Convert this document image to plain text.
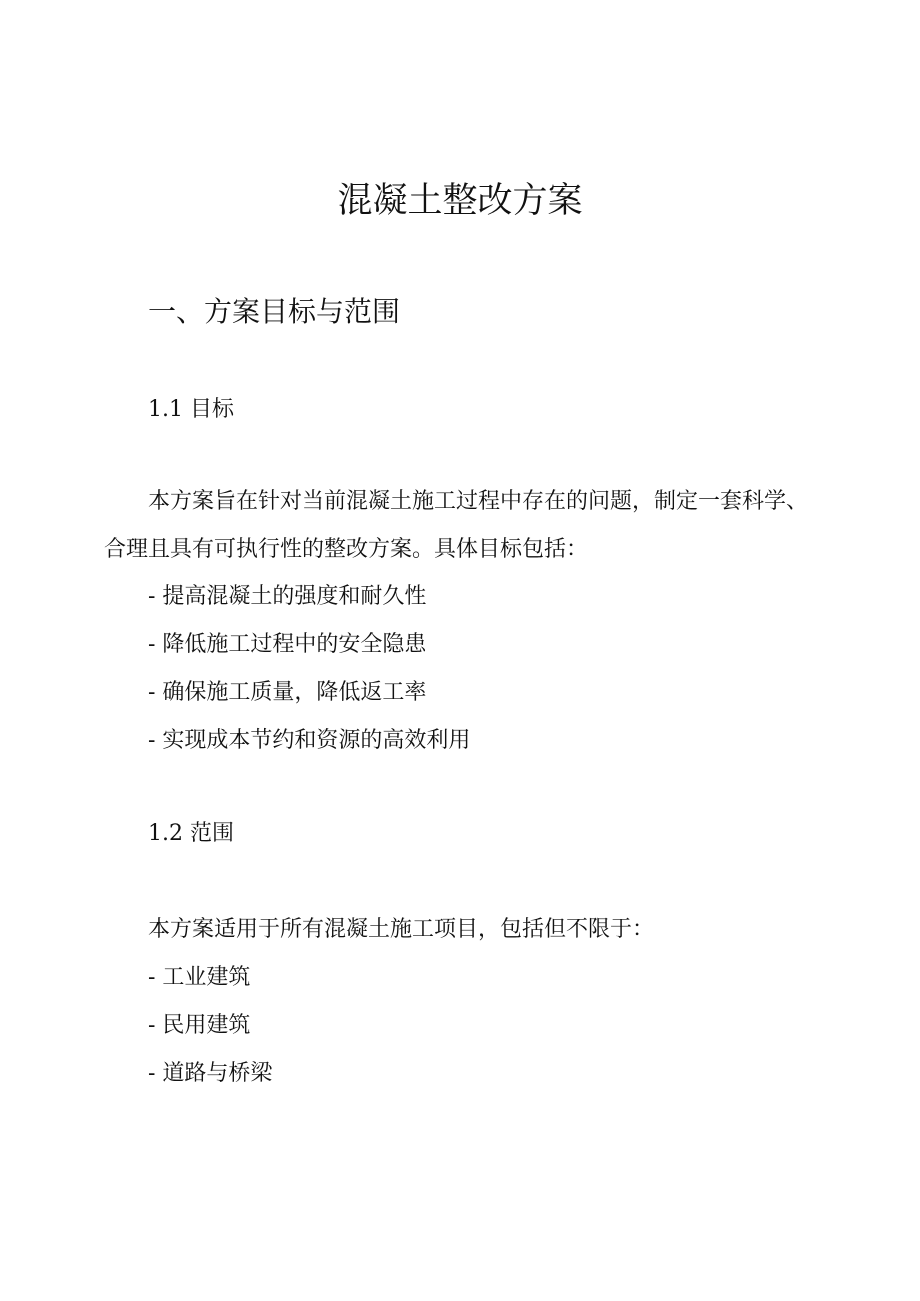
混凝土整改方案
一、方案目标与范围
1.1 目标

本方案旨在针对当前混凝土施工过程中存在的问题，制定一套科学、合理且具有可执行性的整改方案。具体目标包括：

- 提高混凝土的强度和耐久性
- 降低施工过程中的安全隐患
- 确保施工质量，降低返工率
- 实现成本节约和资源的高效利用
1.2 范围

本方案适用于所有混凝土施工项目，包括但不限于：

- 工业建筑
- 民用建筑
- 道路与桥梁
